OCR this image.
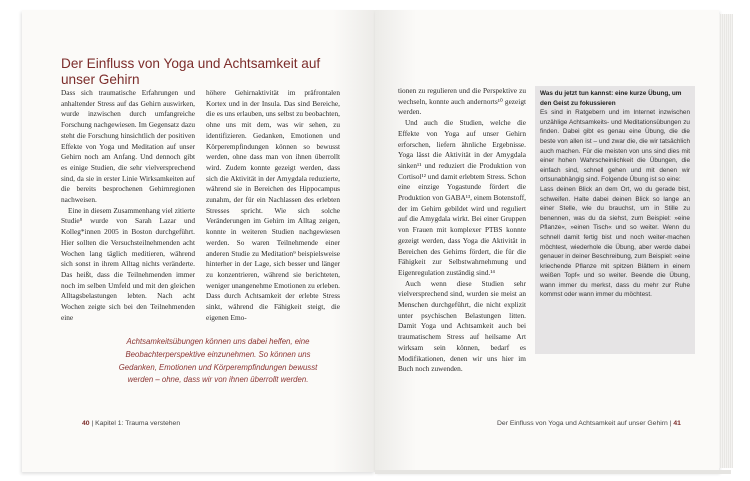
Der Einfluss von Yoga und Achtsamkeit auf unser Gehirn

Dass sich traumatische Erfahrungen und anhaltender Stress auf das Gehirn auswirken, wurde inzwischen durch umfangreiche Forschung nachgewiesen. Im Gegensatz dazu steht die Forschung hinsichtlich der positiven Effekte von Yoga und Meditation auf unser Gehirn noch am Anfang. Und dennoch gibt es einige Studien, die sehr vielversprechend sind, da sie in erster Linie Wirksamkeiten auf die bereits besprochenen Gehirnregionen nachweisen.

Eine in diesem Zusammenhang viel zitierte Studie⁸ wurde von Sarah Lazar und Kolleg*innen 2005 in Boston durchgeführt. Hier sollten die Versuchsteilnehmenden acht Wochen lang täglich meditieren, während sich sonst in ihrem Alltag nichts veränderte. Das heißt, dass die Teilnehmenden immer noch im selben Umfeld und mit den gleichen Alltagsbelastungen lebten. Nach acht Wochen zeigte sich bei den Teilnehmenden eine

höhere Gehirnaktivität im präfrontalen Kortex und in der Insula. Das sind Bereiche, die es uns erlauben, uns selbst zu beobachten, ohne uns mit dem, was wir sehen, zu identifizieren. Gedanken, Emotionen und Körperempfindungen können so bewusst werden, ohne dass man von ihnen überrollt wird. Zudem konnte gezeigt werden, dass sich die Aktivität in der Amygdala reduzierte, während sie in Bereichen des Hippocampus zunahm, der für ein Nachlassen des erlebten Stresses spricht. Wie sich solche Veränderungen im Gehirn im Alltag zeigen, konnte in weiteren Studien nachgewiesen werden. So waren Teilnehmende einer anderen Studie zu Meditation⁹ beispielsweise hinterher in der Lage, sich besser und länger zu konzentrieren, während sie berichteten, weniger unangenehme Emotionen zu erleben. Dass durch Achtsamkeit der erlebte Stress sinkt, während die Fähigkeit steigt, die eigenen Emo-

Achtsamkeitsübungen können uns dabei helfen, eine Beobachterperspektive einzunehmen. So können uns Gedanken, Emotionen und Körperempfindungen bewusst werden – ohne, dass wir von ihnen überrollt werden.
40 | Kapitel 1: Trauma verstehen

tionen zu regulieren und die Perspektive zu wechseln, konnte auch andernorts¹⁰ gezeigt werden.

Und auch die Studien, welche die Effekte von Yoga auf unser Gehirn erforschen, liefern ähnliche Ergebnisse. Yoga lässt die Aktivität in der Amygdala sinken¹¹ und reduziert die Produktion von Cortisol¹² und damit erlebtem Stress. Schon eine einzige Yogastunde fördert die Produktion von GABA¹³, einem Botenstoff, der im Gehirn gebildet wird und reguliert auf die Amygdala wirkt. Bei einer Gruppen von Frauen mit komplexer PTBS konnte gezeigt werden, dass Yoga die Aktivität in Bereichen des Gehirns fördert, die für die Fähigkeit zur Selbstwahrnehmung und Eigenregulation zuständig sind.¹⁴

Auch wenn diese Studien sehr vielversprechend sind, wurden sie meist an Menschen durchgeführt, die nicht explizit unter psychischen Belastungen litten. Damit Yoga und Achtsamkeit auch bei traumatischem Stress auf heilsame Art wirksam sein können, bedarf es Modifikationen, denen wir uns hier im Buch noch zuwenden.

Was du jetzt tun kannst: eine kurze Übung, um den Geist zu fokussieren

Es sind in Ratgebern und im Internet inzwischen unzählige Achtsamkeits- und Meditationsübungen zu finden. Dabei gibt es genau eine Übung, die die beste von allen ist – und zwar die, die wir tatsächlich auch machen. Für die meisten von uns sind dies mit einer hohen Wahrscheinlichkeit die Übungen, die einfach sind, schnell gehen und mit denen wir ortsunabhängig sind. Folgende Übung ist so eine:

Lass deinen Blick an dem Ort, wo du gerade bist, schweifen. Halte dabei deinen Blick so lange an einer Stelle, wie du brauchst, um in Stille zu benennen, was du da siehst, zum Beispiel: »eine Pflanze«, »einen Tisch« und so weiter. Wenn du schnell damit fertig bist und noch weiter-machen möchtest, wiederhole die Übung, aber werde dabei genauer in deiner Beschreibung, zum Beispiel: »eine kriechende Pflanze mit spitzen Blättern in einem weißen Topf« und so weiter. Beende die Übung, wann immer du merkst, dass du mehr zur Ruhe kommst oder wann immer du möchtest.

Der Einfluss von Yoga und Achtsamkeit auf unser Gehirn | 41
